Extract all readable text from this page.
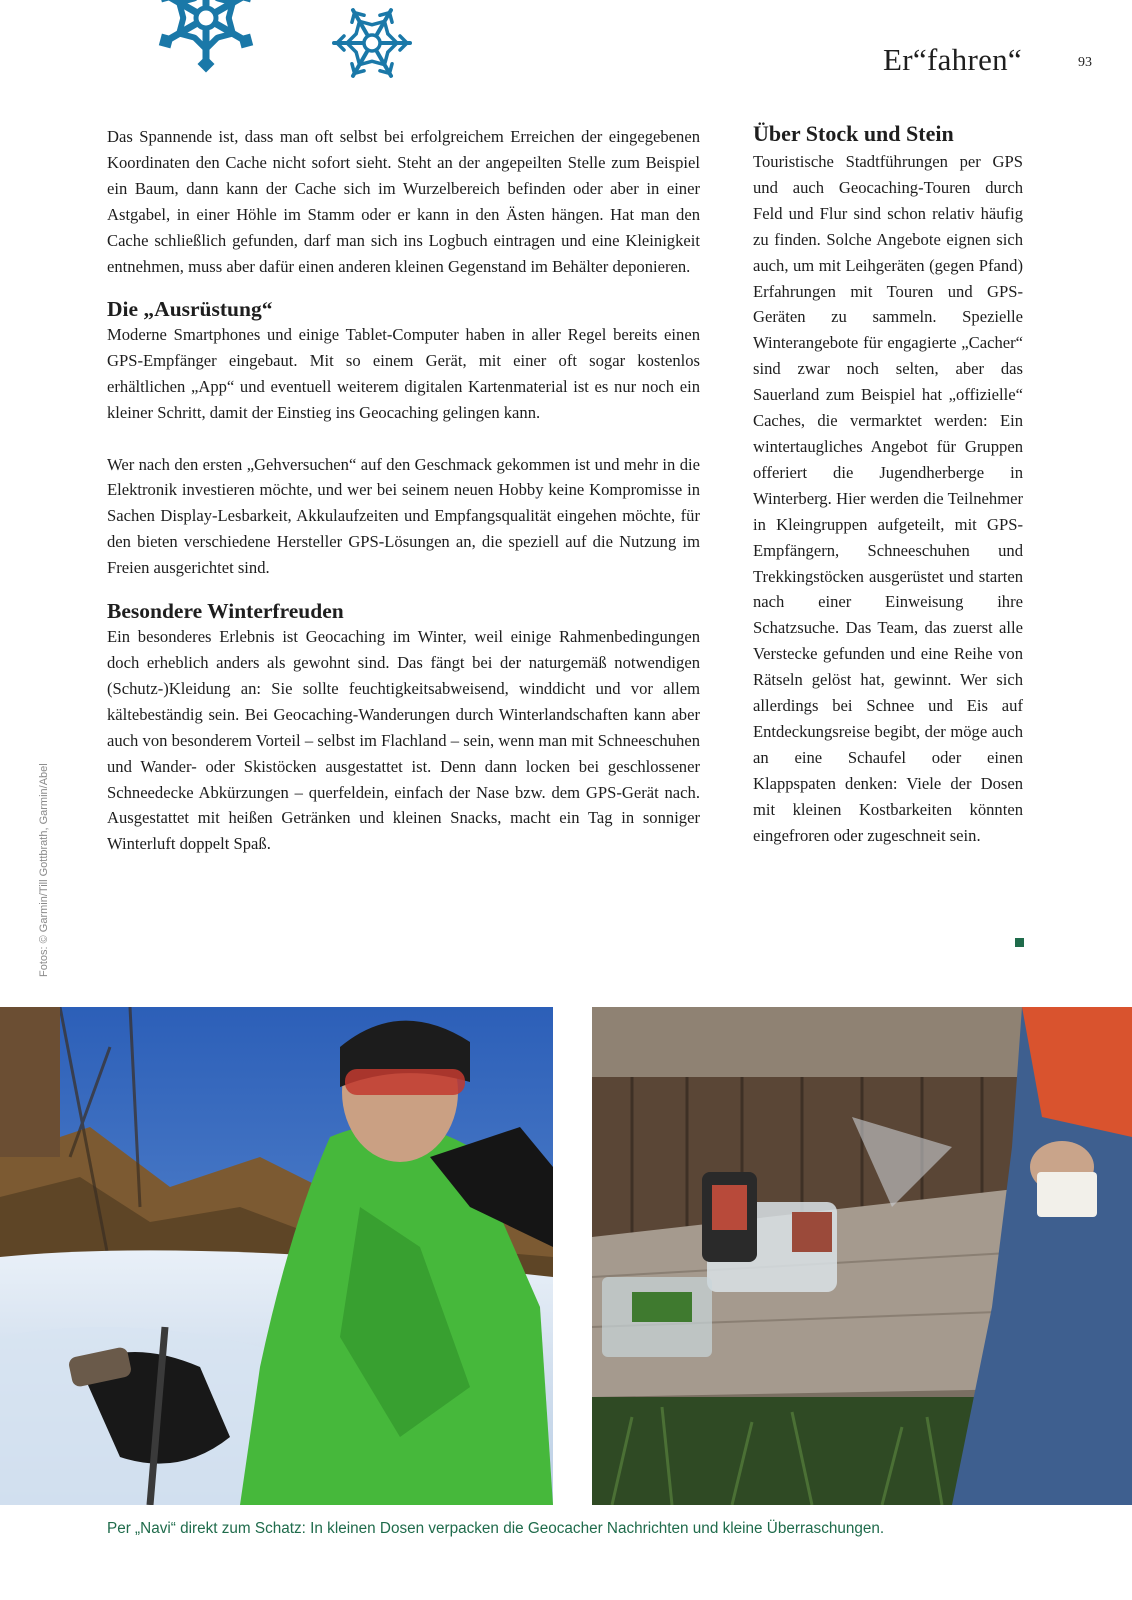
Er“fahren“	93

Das Spannende ist, dass man oft selbst bei erfolgreichem Erreichen der eingegebenen Koordinaten den Cache nicht sofort sieht. Steht an der angepeilten Stelle zum Beispiel ein Baum, dann kann der Cache sich im Wurzelbereich befinden oder aber in einer Astgabel, in einer Höhle im Stamm oder er kann in den Ästen hängen. Hat man den Cache schließlich gefunden, darf man sich ins Logbuch eintragen und eine Kleinigkeit entnehmen, muss aber dafür einen anderen kleinen Gegenstand im Behälter deponieren.

Die „Ausrüstung“

Moderne Smartphones und einige Tablet-Computer haben in aller Regel bereits einen GPS-Empfänger eingebaut. Mit so einem Gerät, mit einer oft sogar kostenlos erhältlichen „App“ und eventuell weiterem digitalen Kartenmaterial ist es nur noch ein kleiner Schritt, damit der Einstieg ins Geocaching gelingen kann.

Wer nach den ersten „Gehversuchen“ auf den Geschmack gekommen ist und mehr in die Elektronik investieren möchte, und wer bei seinem neuen Hobby keine Kompromisse in Sachen Display-Lesbarkeit, Akkulaufzeiten und Empfangsqualität eingehen möchte, für den bieten verschiedene Hersteller GPS-Lösungen an, die speziell auf die Nutzung im Freien ausgerichtet sind.

Besondere Winterfreuden

Ein besonderes Erlebnis ist Geocaching im Winter, weil einige Rahmenbedingungen doch erheblich anders als gewohnt sind. Das fängt bei der naturgemäß notwendigen (Schutz-)Kleidung an: Sie sollte feuchtigkeitsabweisend, winddicht und vor allem kältebeständig sein. Bei Geocaching-Wanderungen durch Winterlandschaften kann aber auch von besonderem Vorteil – selbst im Flachland – sein, wenn man mit Schneeschuhen und Wander- oder Skistöcken ausgestattet ist. Denn dann locken bei geschlossener Schneedecke Abkürzungen – querfeldein, einfach der Nase bzw. dem GPS-Gerät nach. Ausgestattet mit heißen Getränken und kleinen Snacks, macht ein Tag in sonniger Winterluft doppelt Spaß.

Über Stock und Stein

Touristische Stadtführungen per GPS und auch Geocaching-Touren durch Feld und Flur sind schon relativ häufig zu finden. Solche Angebote eignen sich auch, um mit Leihgeräten (gegen Pfand) Erfahrungen mit Touren und GPS-Geräten zu sammeln. Spezielle Winterangebote für engagierte „Cacher“ sind zwar noch selten, aber das Sauerland zum Beispiel hat „offizielle“ Caches, die vermarktet werden: Ein wintertaugliches Angebot für Gruppen offeriert die Jugendherberge in Winterberg. Hier werden die Teilnehmer in Kleingruppen aufgeteilt, mit GPS-Empfängern, Schneeschuhen und Trekkingstöcken ausgerüstet und starten nach einer Einweisung ihre Schatzsuche. Das Team, das zuerst alle Verstecke gefunden und eine Reihe von Rätseln gelöst hat, gewinnt. Wer sich allerdings bei Schnee und Eis auf Entdeckungsreise begibt, der möge auch an eine Schaufel oder einen Klappspaten denken: Viele der Dosen mit kleinen Kostbarkeiten könnten eingefroren oder zugeschneit sein.

Fotos: © Garmin/Till Gottbrath, Garmin/Abel
Per „Navi“ direkt zum Schatz: In kleinen Dosen verpacken die Geocacher Nachrichten und kleine Überraschungen.
